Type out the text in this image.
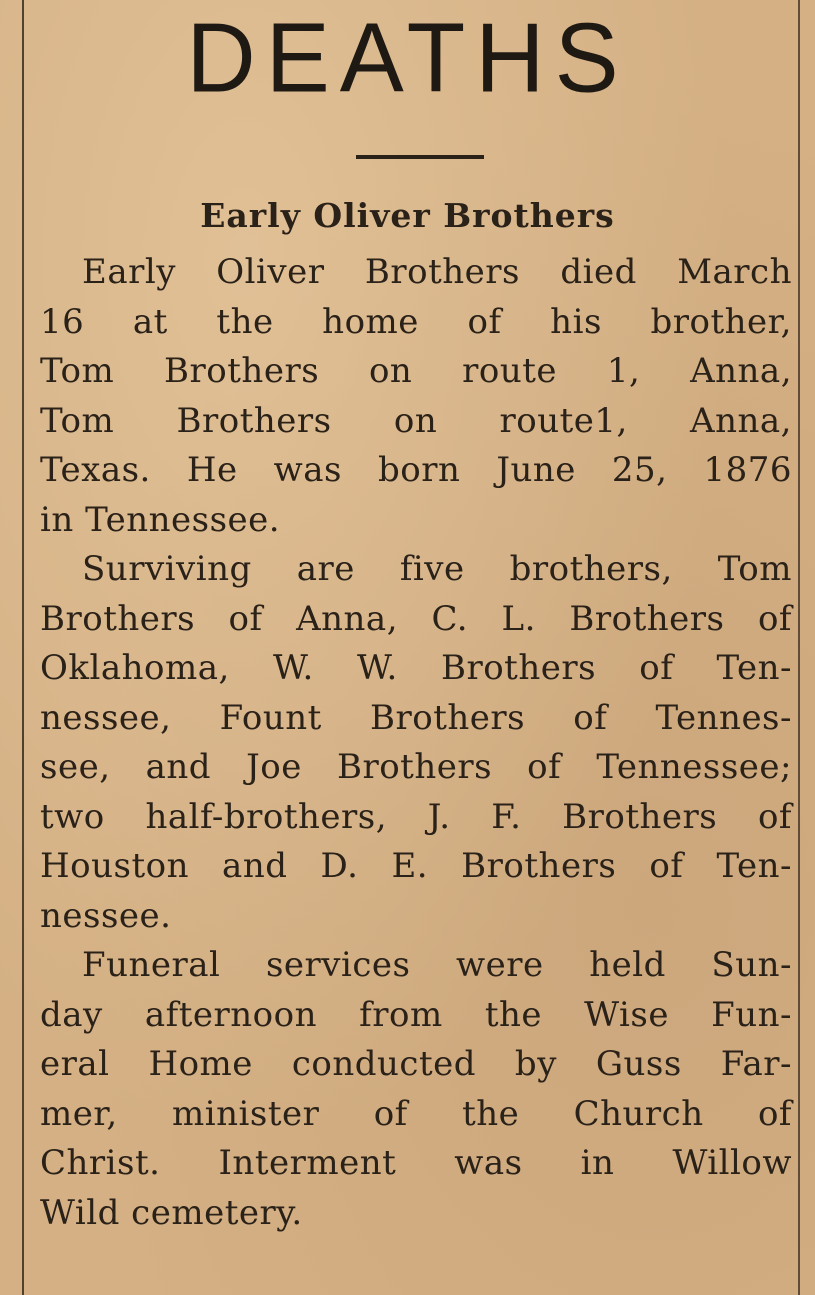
DEATHS
Early Oliver Brothers
Early Oliver Brothers died March
16 at the home of his brother,
Tom Brothers on route 1, Anna,
Tom Brothers on route1, Anna,
Texas. He was born June 25, 1876
in Tennessee.
Surviving are five brothers, Tom
Brothers of Anna, C. L. Brothers of
Oklahoma, W. W. Brothers of Ten-
nessee, Fount Brothers of Tennes-
see, and Joe Brothers of Tennessee;
two half-brothers, J. F. Brothers of
Houston and D. E. Brothers of Ten-
nessee.
Funeral services were held Sun-
day afternoon from the Wise Fun-
eral Home conducted by Guss Far-
mer, minister of the Church of
Christ. Interment was in Willow
Wild cemetery.
